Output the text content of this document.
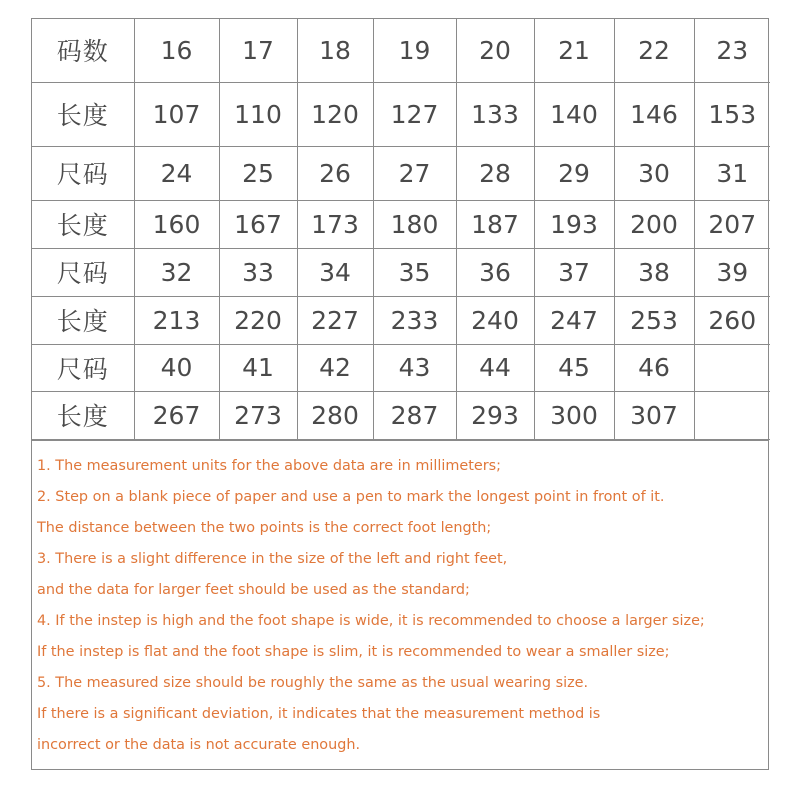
码数	16	17	18	19	20	21	22	23
长度	107	110	120	127	133	140	146	153
尺码	24	25	26	27	28	29	30	31
长度	160	167	173	180	187	193	200	207
尺码	32	33	34	35	36	37	38	39
长度	213	220	227	233	240	247	253	260
尺码	40	41	42	43	44	45	46	
长度	267	273	280	287	293	300	307	
1. The measurement units for the above data are in millimeters;
2. Step on a blank piece of paper and use a pen to mark the longest point in front of it.
The distance between the two points is the correct foot length;
3. There is a slight difference in the size of the left and right feet,
and the data for larger feet should be used as the standard;
4. If the instep is high and the foot shape is wide, it is recommended to choose a larger size;
If the instep is flat and the foot shape is slim, it is recommended to wear a smaller size;
5. The measured size should be roughly the same as the usual wearing size.
If there is a significant deviation, it indicates that the measurement method is
incorrect or the data is not accurate enough.
